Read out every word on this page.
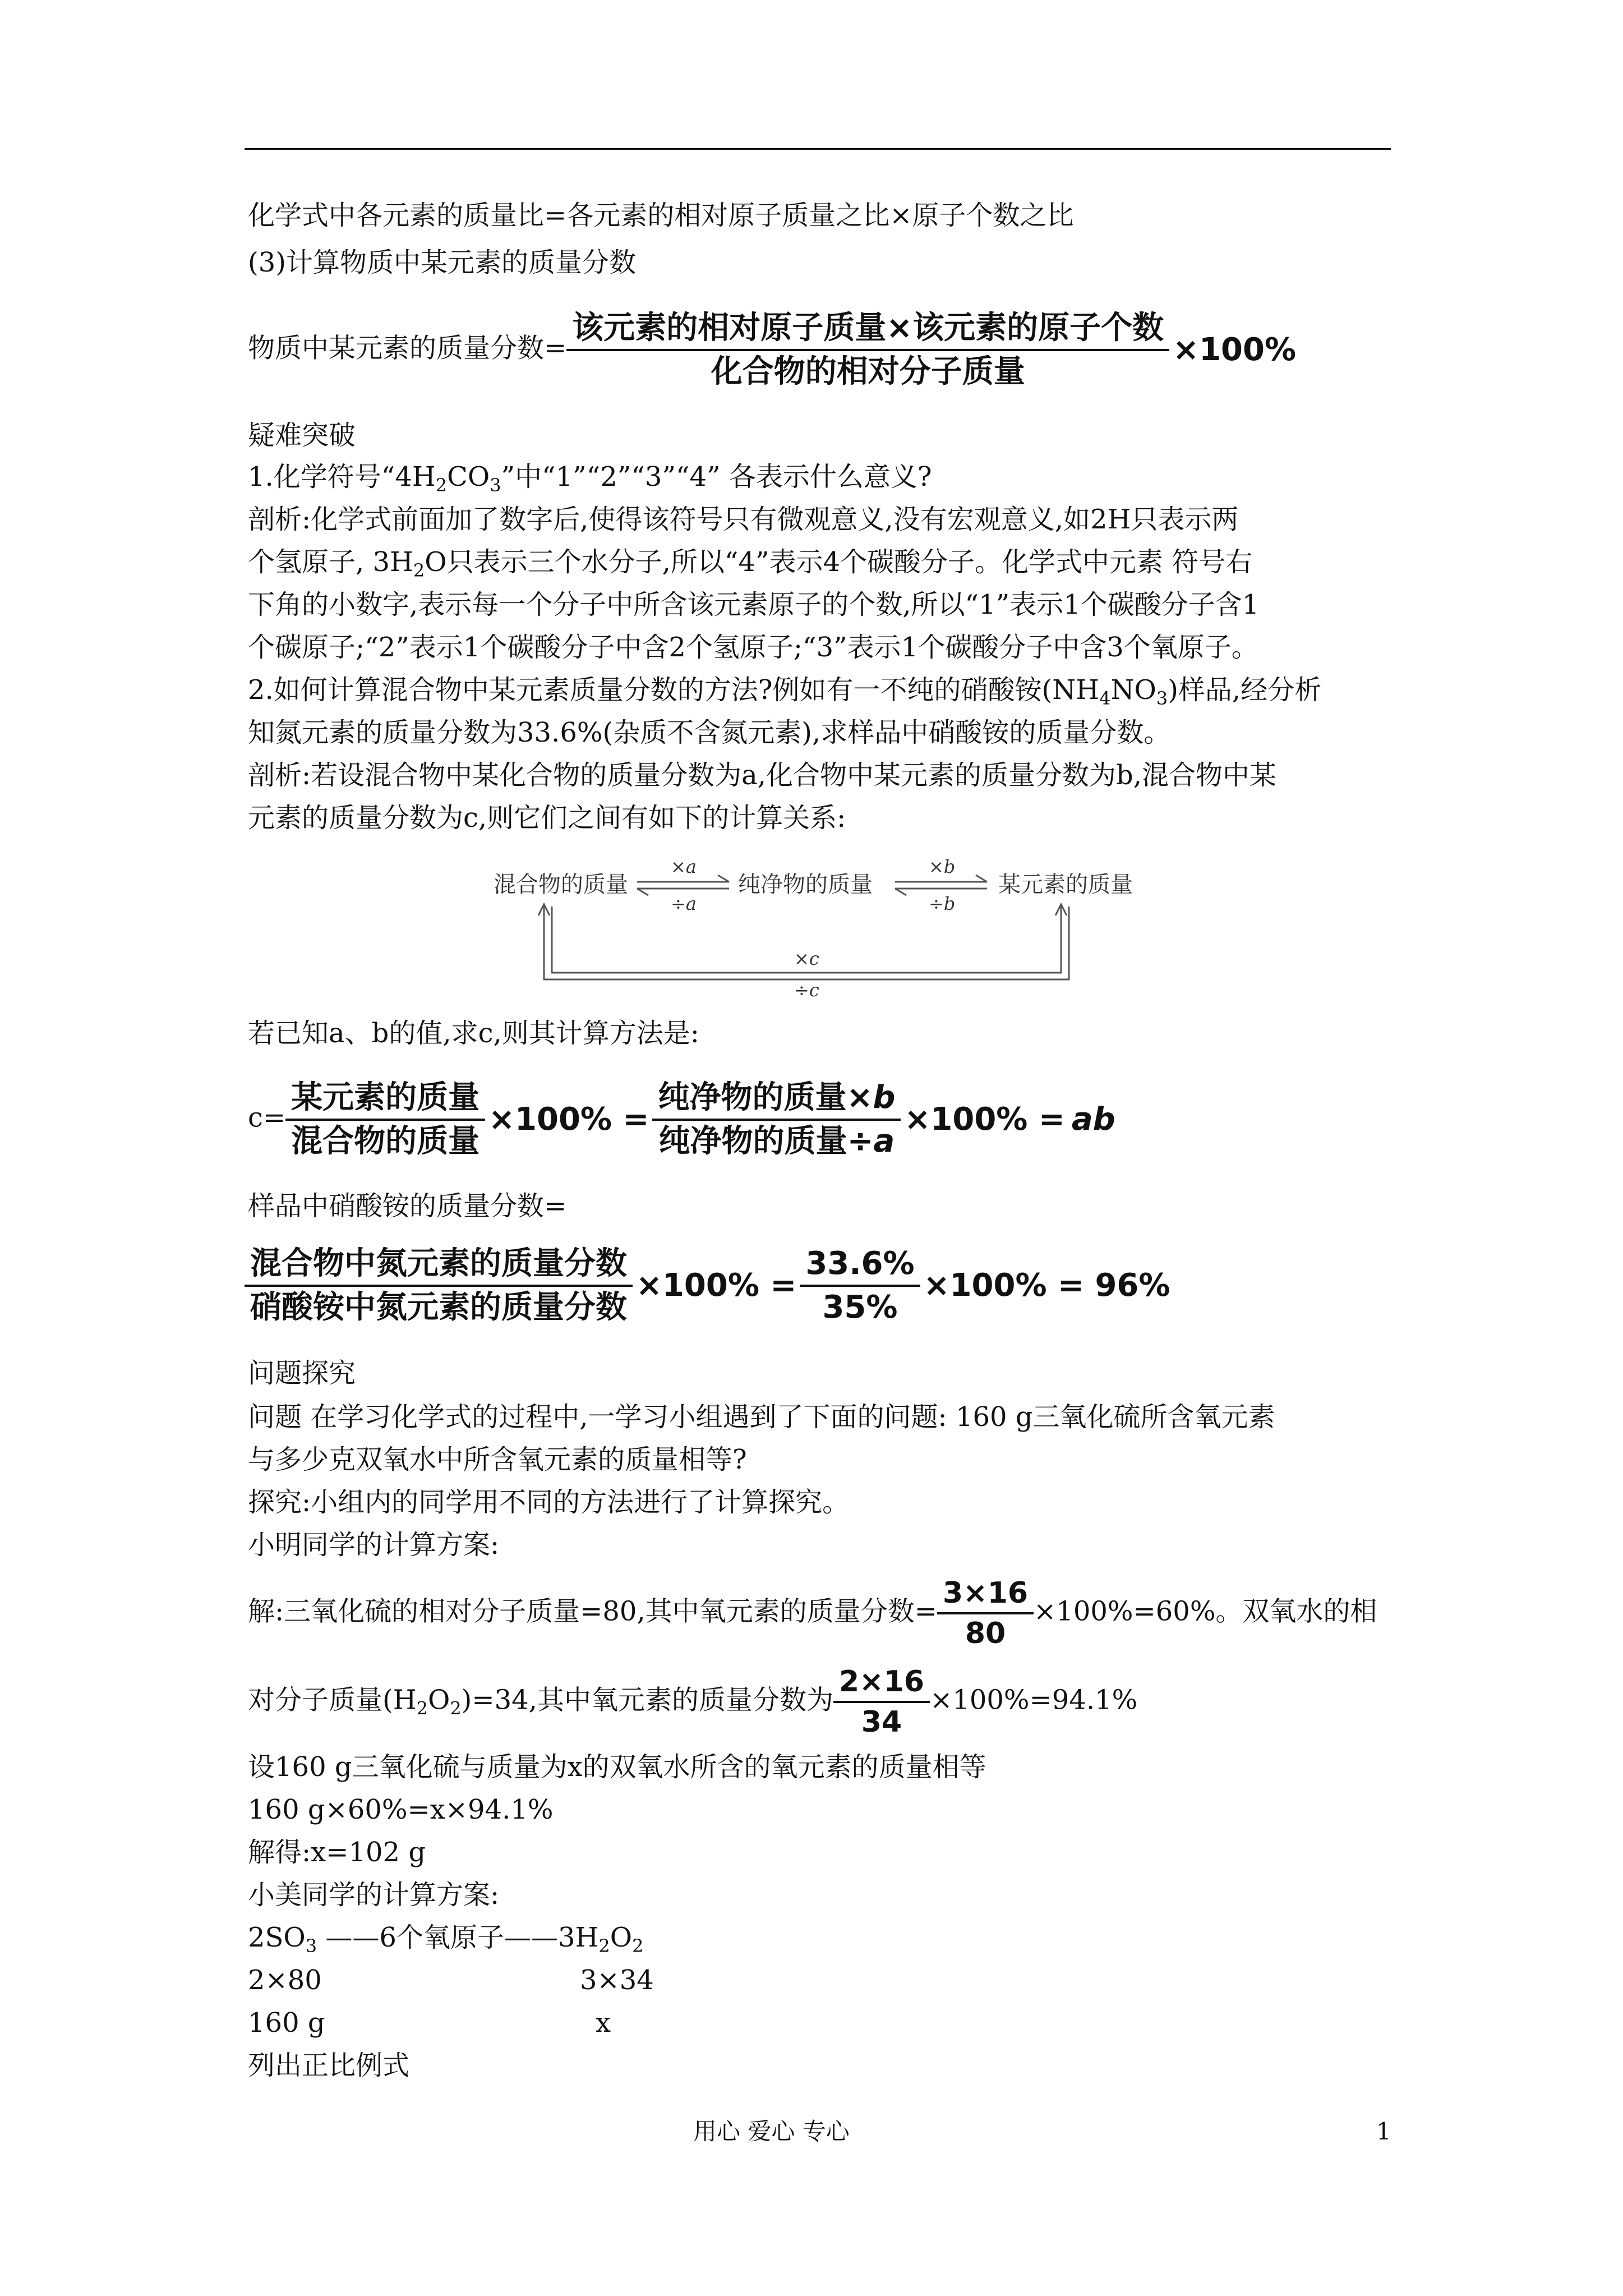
化学式中各元素的质量比=各元素的相对原子质量之比×原子个数之比
(3)计算物质中某元素的质量分数
物质中某元素的质量分数= $\frac{\text{该元素的相对原子质量×该元素的原子个数}}{\text{化合物的相对分子质量}} \times 100\%$
疑难突破
1.化学符号“$4H_2CO_3$”中“1”“2”“3”“4” 各表示什么意义?
剖析:化学式前面加了数字后,使得该符号只有微观意义,没有宏观意义,如2H只表示两
个氢原子, $3H_2O$只表示三个水分子,所以“4”表示4个碳酸分子。化学式中元素 符号右
下角的小数字,表示每一个分子中所含该元素原子的个数,所以“1”表示1个碳酸分子含1
个碳原子;“2”表示1个碳酸分子中含2个氢原子;“3”表示1个碳酸分子中含3个氧原子。
2.如何计算混合物中某元素质量分数的方法?例如有一不纯的硝酸铵$(NH_4NO_3)$样品,经分析
知氮元素的质量分数为33.6%(杂质不含氮元素),求样品中硝酸铵的质量分数。
剖析:若设混合物中某化合物的质量分数为a,化合物中某元素的质量分数为b,混合物中某
元素的质量分数为c,则它们之间有如下的计算关系:
混合物的质量	纯净物的质量	某元素的质量
×a
÷a
×b
÷b
×c
÷c
若已知a、b的值,求c,则其计算方法是:
$c= \frac{\text{某元素的质量}}{\text{混合物的质量}} \times 100\% = \frac{\text{纯净物的质量×b}}{\text{纯净物的质量÷a}} \times 100\%$ = ab
样品中硝酸铵的质量分数=
$\frac{\text{混合物中氮元素的质量分数}}{\text{硝酸铵中氮元素的质量分数}} \times 100\% = \frac{33.6\%}{35\%} \times 100\% = 96\%$
问题探究
问题 在学习化学式的过程中,一学习小组遇到了下面的问题: 160 g三氧化硫所含氧元素
与多少克双氧水中所含氧元素的质量相等?
探究:小组内的同学用不同的方法进行了计算探究。
小明同学的计算方案:
解:三氧化硫的相对分子质量=80,其中氧元素的质量分数= $\frac{3\times 16}{80} \times 100\%=60\%$。双氧水的相
对分子质量$(H_2O_2)=34$,其中氧元素的质量分数为 $\frac{2\times 16}{34} \times 100\%=94.1\%$
设160 g三氧化硫与质量为x的双氧水所含的氧元素的质量相等
160 g×60%=x×94.1%
解得:x=102 g
小美同学的计算方案:
$2SO_3$ ——6个氧原子$——3H_2O_2$
2×80	3×34
160 g	x
列出正比例式
用心 爱心 专心	1
